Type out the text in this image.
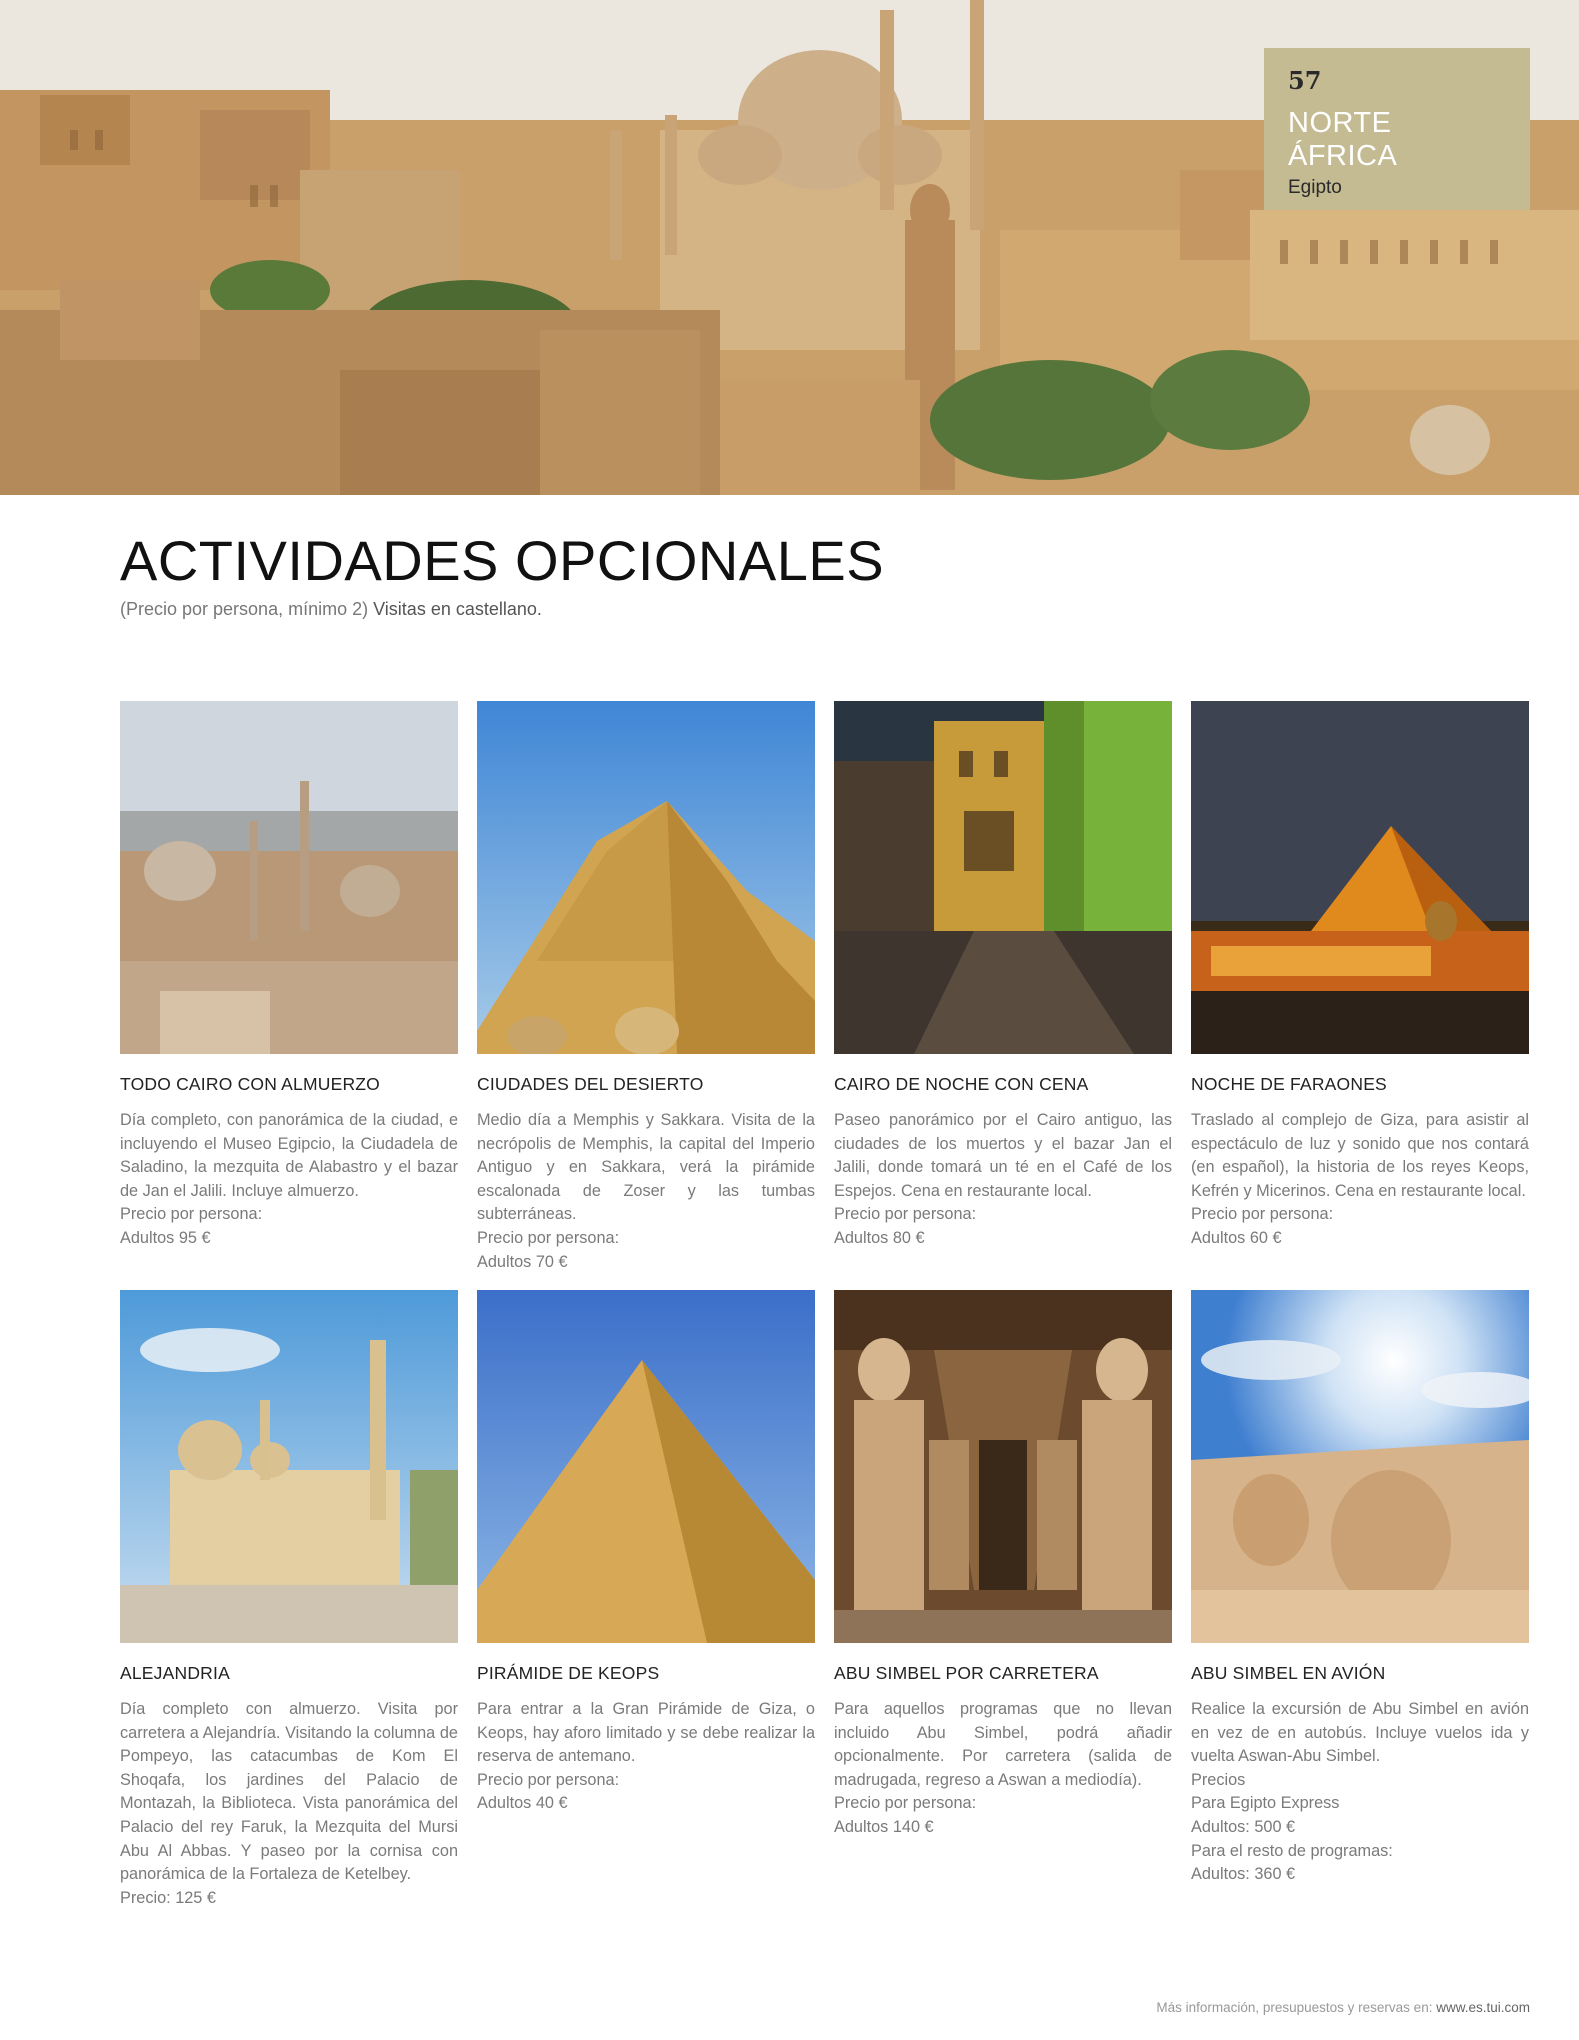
57
NORTE ÁFRICA
Egipto
ACTIVIDADES OPCIONALES
(Precio por persona, mínimo 2) Visitas en castellano.
TODO CAIRO CON ALMUERZO
Día completo, con panorámica de la ciudad, e incluyendo el Museo Egipcio, la Ciudadela de Saladino, la mezquita de Alabastro y el bazar de Jan el Jalili. Incluye almuerzo.
Precio por persona:
Adultos 95 €
CIUDADES DEL DESIERTO
Medio día a Memphis y Sakkara. Visita de la necrópolis de Memphis, la capital del Imperio Antiguo y en Sakkara, verá la pirámide escalonada de Zoser y las tumbas subterráneas.
Precio por persona:
Adultos 70 €
CAIRO DE NOCHE CON CENA
Paseo panorámico por el Cairo antiguo, las ciudades de los muertos y el bazar Jan el Jalili, donde tomará un té en el Café de los Espejos. Cena en restaurante local.
Precio por persona:
Adultos 80 €
NOCHE DE FARAONES
Traslado al complejo de Giza, para asistir al espectáculo de luz y sonido que nos contará (en español), la historia de los reyes Keops, Kefrén y Micerinos. Cena en restaurante local.
Precio por persona:
Adultos 60 €
ALEJANDRIA
Día completo con almuerzo. Visita por carretera a Alejandría. Visitando la columna de Pompeyo, las catacumbas de Kom El Shoqafa, los jardines del Palacio de Montazah, la Biblioteca. Vista panorámica del Palacio del rey Faruk, la Mezquita del Mursi Abu Al Abbas. Y paseo por la cornisa con panorámica de la Fortaleza de Ketelbey.
Precio: 125 €
PIRÁMIDE DE KEOPS
Para entrar a la Gran Pirámide de Giza, o Keops, hay aforo limitado y se debe realizar la reserva de antemano.
Precio por persona:
Adultos 40 €
ABU SIMBEL POR CARRETERA
Para aquellos programas que no llevan incluido Abu Simbel, podrá añadir opcionalmente. Por carretera (salida de madrugada, regreso a Aswan a mediodía).
Precio por persona:
Adultos 140 €
ABU SIMBEL EN AVIÓN
Realice la excursión de Abu Simbel en avión en vez de en autobús. Incluye vuelos ida y vuelta Aswan-Abu Simbel.
Precios
Para Egipto Express
Adultos: 500 €
Para el resto de programas:
Adultos: 360 €
Más información, presupuestos y reservas en: www.es.tui.com
